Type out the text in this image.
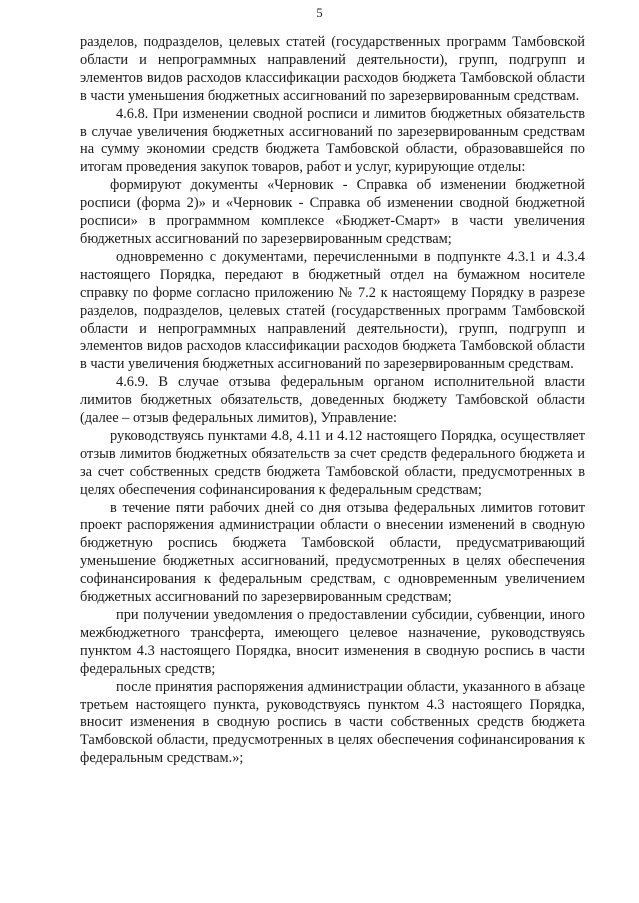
5

разделов, подразделов, целевых статей (государственных программ Тамбовской области и непрограммных направлений деятельности), групп, подгрупп и элементов видов расходов классификации расходов бюджета Тамбовской области в части уменьшения бюджетных ассигнований по зарезервированным средствам.

4.6.8. При изменении сводной росписи и лимитов бюджетных обязательств в случае увеличения бюджетных ассигнований по зарезервированным средствам на сумму экономии средств бюджета Тамбовской области, образовавшейся по итогам проведения закупок товаров, работ и услуг, курирующие отделы:

формируют документы «Черновик - Справка об изменении бюджетной росписи (форма 2)» и «Черновик - Справка об изменении сводной бюджетной росписи» в программном комплексе «Бюджет-Смарт» в части увеличения бюджетных ассигнований по зарезервированным средствам;

одновременно с документами, перечисленными в подпункте 4.3.1 и 4.3.4 настоящего Порядка, передают в бюджетный отдел на бумажном носителе справку по форме согласно приложению № 7.2 к настоящему Порядку в разрезе разделов, подразделов, целевых статей (государственных программ Тамбовской области и непрограммных направлений деятельности), групп, подгрупп и элементов видов расходов классификации расходов бюджета Тамбовской области в части увеличения бюджетных ассигнований по зарезервированным средствам.

4.6.9. В случае отзыва федеральным органом исполнительной власти лимитов бюджетных обязательств, доведенных бюджету Тамбовской области (далее – отзыв федеральных лимитов), Управление:

руководствуясь пунктами 4.8, 4.11 и 4.12 настоящего Порядка, осуществляет отзыв лимитов бюджетных обязательств за счет средств федерального бюджета и за счет собственных средств бюджета Тамбовской области, предусмотренных в целях обеспечения софинансирования к федеральным средствам;

в течение пяти рабочих дней со дня отзыва федеральных лимитов готовит проект распоряжения администрации области о внесении изменений в сводную бюджетную роспись бюджета Тамбовской области, предусматривающий уменьшение бюджетных ассигнований, предусмотренных в целях обеспечения софинансирования к федеральным средствам, с одновременным увеличением бюджетных ассигнований по зарезервированным средствам;

при получении уведомления о предоставлении субсидии, субвенции, иного межбюджетного трансферта, имеющего целевое назначение, руководствуясь пунктом 4.3 настоящего Порядка, вносит изменения в сводную роспись в части федеральных средств;

после принятия распоряжения администрации области, указанного в абзаце третьем настоящего пункта, руководствуясь пунктом 4.3 настоящего Порядка, вносит изменения в сводную роспись в части собственных средств бюджета Тамбовской области, предусмотренных в целях обеспечения софинансирования к федеральным средствам.»;
